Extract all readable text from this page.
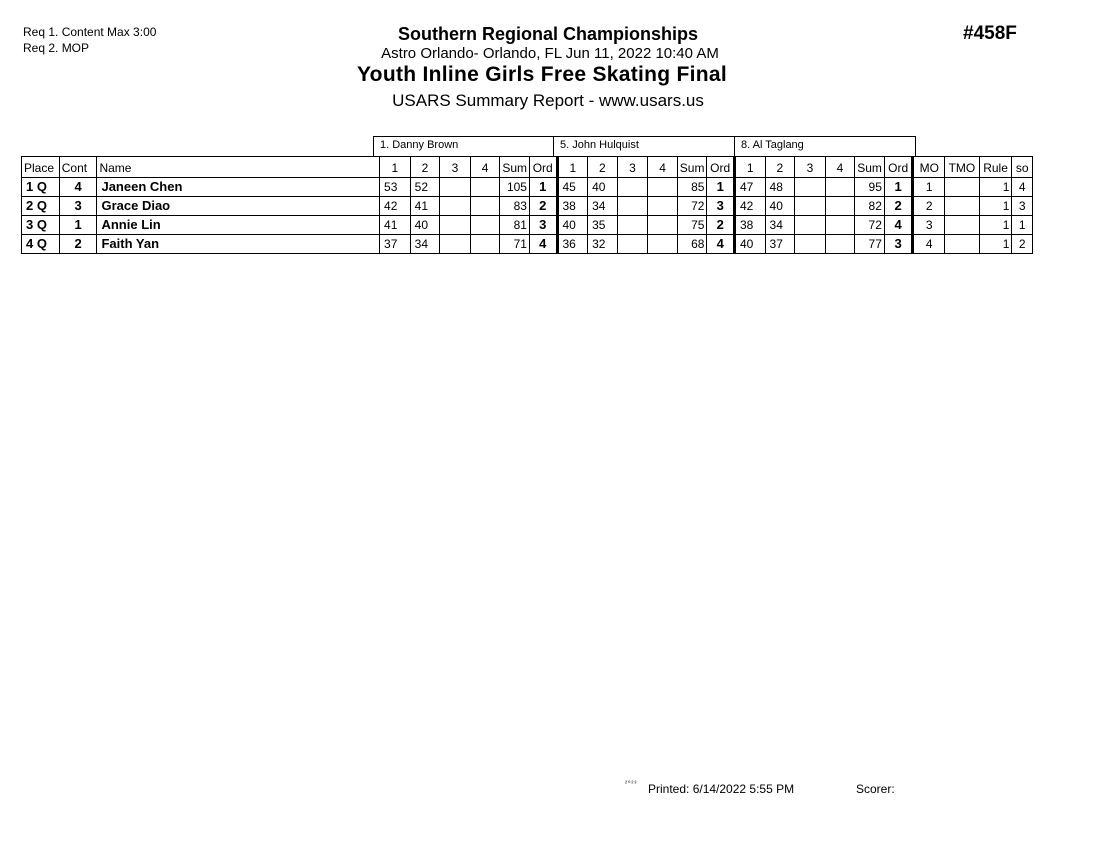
Req 1. Content Max 3:00
Req 2. MOP
Southern Regional Championships
Astro Orlando- Orlando, FL Jun 11, 2022 10:40 AM
Youth Inline Girls Free Skating Final
USARS Summary Report - www.usars.us
#458F
1. Danny Brown	5. John Hulquist	8. Al Taglang
Place	Cont	Name	1	2	3	4	Sum	Ord	1	2	3	4	Sum	Ord	1	2	3	4	Sum	Ord	MO	TMO	Rule	so
1 Q	4	Janeen Chen	53	52			105	1	45	40			85	1	47	48			95	1	1		1	4
2 Q	3	Grace Diao	42	41			83	2	38	34			72	3	42	40			82	2	2		1	3
3 Q	1	Annie Lin	41	40			81	3	40	35			75	2	38	34			72	4	3		1	1
4 Q	2	Faith Yan	37	34			71	4	36	32			68	4	40	37			77	3	4		1	2
²⁰²³ Printed: 6/14/2022 5:55 PM	Scorer:
